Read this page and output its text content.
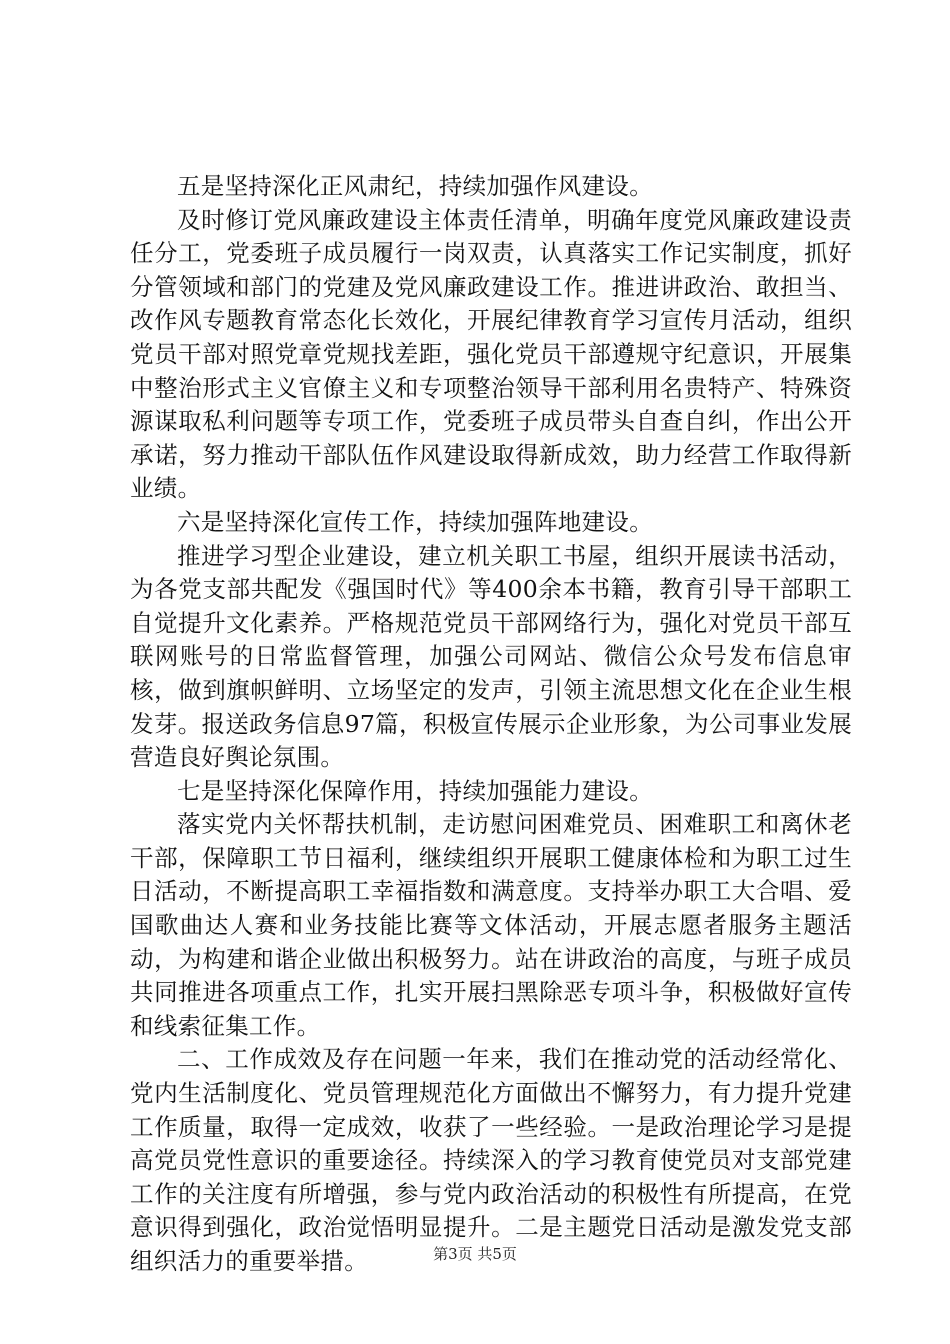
五是坚持深化正风肃纪，持续加强作风建设。

及时修订党风廉政建设主体责任清单，明确年度党风廉政建设责任分工，党委班子成员履行一岗双责，认真落实工作记实制度，抓好分管领域和部门的党建及党风廉政建设工作。推进讲政治、敢担当、改作风专题教育常态化长效化，开展纪律教育学习宣传月活动，组织党员干部对照党章党规找差距，强化党员干部遵规守纪意识，开展集中整治形式主义官僚主义和专项整治领导干部利用名贵特产、特殊资源谋取私利问题等专项工作，党委班子成员带头自查自纠，作出公开承诺，努力推动干部队伍作风建设取得新成效，助力经营工作取得新业绩。

六是坚持深化宣传工作，持续加强阵地建设。

推进学习型企业建设，建立机关职工书屋，组织开展读书活动，为各党支部共配发《强国时代》等400余本书籍，教育引导干部职工自觉提升文化素养。严格规范党员干部网络行为，强化对党员干部互联网账号的日常监督管理，加强公司网站、微信公众号发布信息审核，做到旗帜鲜明、立场坚定的发声，引领主流思想文化在企业生根发芽。报送政务信息97篇，积极宣传展示企业形象，为公司事业发展营造良好舆论氛围。

七是坚持深化保障作用，持续加强能力建设。

落实党内关怀帮扶机制，走访慰问困难党员、困难职工和离休老干部，保障职工节日福利，继续组织开展职工健康体检和为职工过生日活动，不断提高职工幸福指数和满意度。支持举办职工大合唱、爱国歌曲达人赛和业务技能比赛等文体活动，开展志愿者服务主题活动，为构建和谐企业做出积极努力。站在讲政治的高度，与班子成员共同推进各项重点工作，扎实开展扫黑除恶专项斗争，积极做好宣传和线索征集工作。

二、工作成效及存在问题一年来，我们在推动党的活动经常化、党内生活制度化、党员管理规范化方面做出不懈努力，有力提升党建工作质量，取得一定成效，收获了一些经验。一是政治理论学习是提高党员党性意识的重要途径。持续深入的学习教育使党员对支部党建工作的关注度有所增强，参与党内政治活动的积极性有所提高，在党意识得到强化，政治觉悟明显提升。二是主题党日活动是激发党支部组织活力的重要举措。	第3页 共5页
